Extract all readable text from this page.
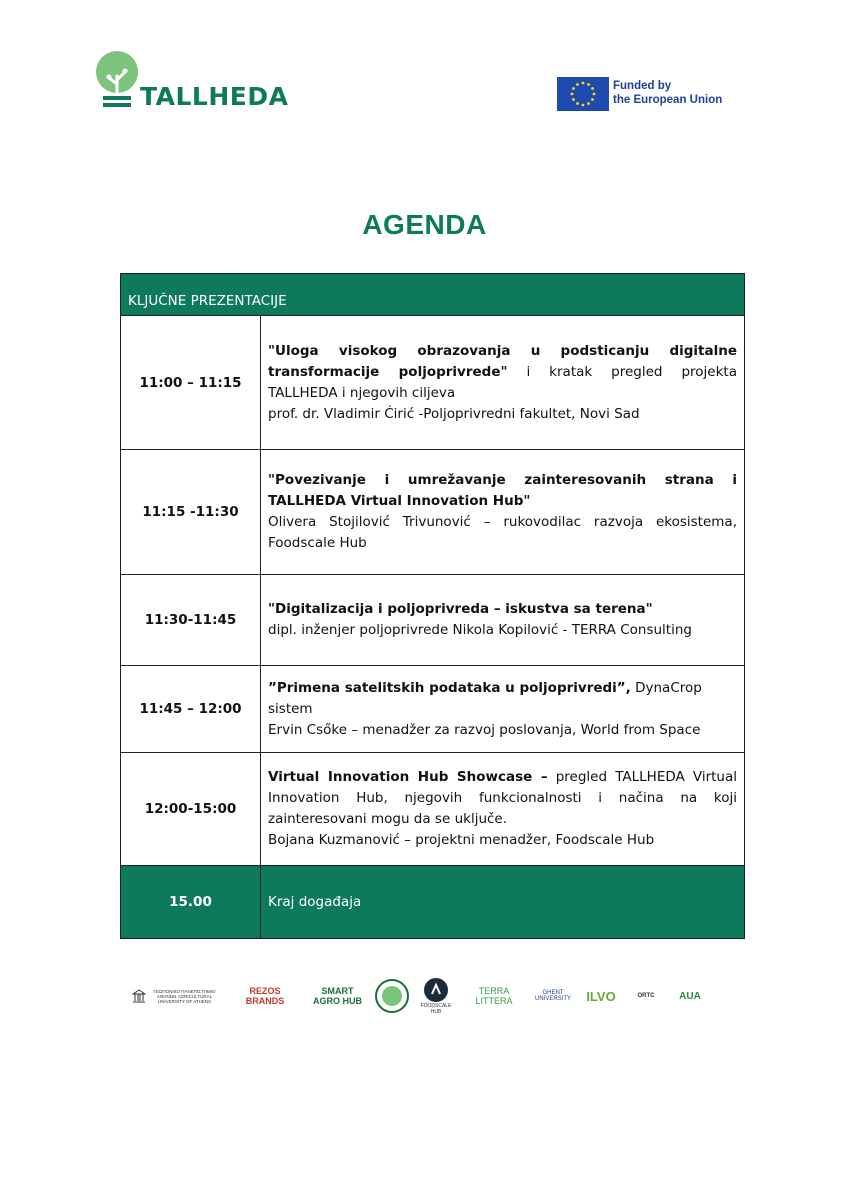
TALLHEDA	Funded by
the European Union
AGENDA
KLJUČNE PREZENTACIJE
11:00 – 11:15

"Uloga visokog obrazovanja u podsticanju digitalne transformacije poljoprivrede" i kratak pregled projekta TALLHEDA i njegovih ciljeva

prof. dr. Vladimir Ćirić -Poljoprivredni fakultet, Novi Sad

11:15 -11:30

"Povezivanje i umrežavanje zainteresovanih strana i TALLHEDA Virtual Innovation Hub"

Olivera Stojilović Trivunović – rukovodilac razvoja ekosistema, Foodscale Hub

11:30-11:45

"Digitalizacija i poljoprivreda – iskustva sa terena"

dipl. inženjer poljoprivrede Nikola Kopilović - TERRA Consulting

11:45 – 12:00

”Primena satelitskih podataka u poljoprivredi”, DynaCrop sistem

Ervin Csőke – menadžer za razvoj poslovanja, World from Space

12:00-15:00

Virtual Innovation Hub Showcase – pregled TALLHEDA Virtual Innovation Hub, njegovih funkcionalnosti i načina na koji zainteresovani mogu da se uključe.

Bojana Kuzmanović – projektni menadžer, Foodscale Hub

15.00	Kraj događaja
ΓΕΩΠΟΝΙΚΟ ΠΑΝΕΠΙΣΤΗΜΙΟ ΑΘΗΝΩΝ AGRICULTURAL UNIVERSITY OF ATHENS
REZOS BRANDS
SMART AGRO HUB	FOODSCALE HUB
TERRA LITTERA
GHENT UNIVERSITY	ILVO	ORTC	AUA
